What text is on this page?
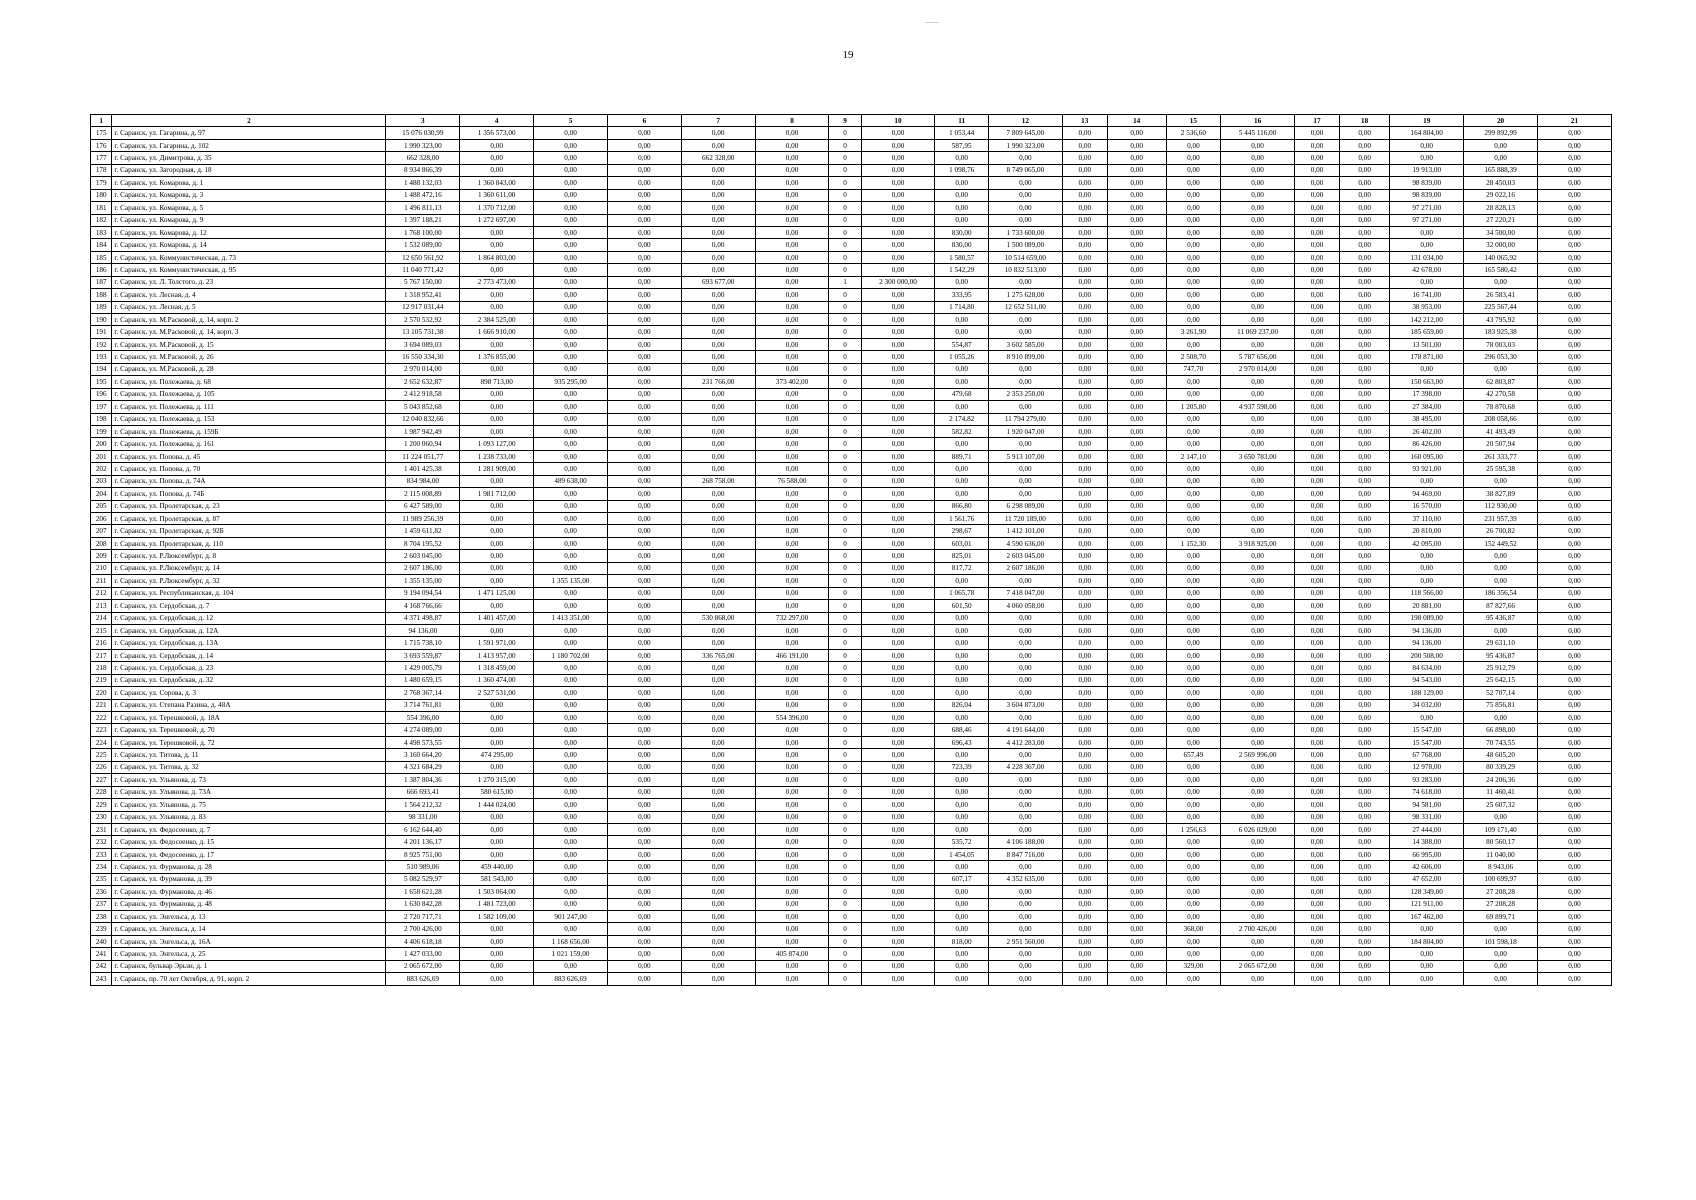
19
1	2	3	4	5	6	7	8	9	10	11	12	13	14	15	16	17	18	19	20	21
175	г. Саранск, ул. Гагарина, д. 97	15 076 030,99	1 356 573,00	0,00	0,00	0,00	0,00	0	0,00	1 053,44	7 809 645,00	0,00	0,00	2 536,60	5 445 116,00	0,00	0,00	164 804,00	299 892,99	0,00
176	г. Саранск, ул. Гагарина, д. 102	1 990 323,00	0,00	0,00	0,00	0,00	0,00	0	0,00	587,95	1 990 323,00	0,00	0,00	0,00	0,00	0,00	0,00	0,00	0,00	0,00
177	г. Саранск, ул. Димитрова, д. 35	662 328,00	0,00	0,00	0,00	662 328,00	0,00	0	0,00	0,00	0,00	0,00	0,00	0,00	0,00	0,00	0,00	0,00	0,00	0,00
178	г. Саранск, ул. Загородная, д. 18	8 934 866,39	0,00	0,00	0,00	0,00	0,00	0	0,00	1 098,76	8 749 065,00	0,00	0,00	0,00	0,00	0,00	0,00	19 913,00	165 888,39	0,00
179	г. Саранск, ул. Комарова, д. 1	1 488 132,03	1 360 843,00	0,00	0,00	0,00	0,00	0	0,00	0,00	0,00	0,00	0,00	0,00	0,00	0,00	0,00	98 839,00	28 450,03	0,00
180	г. Саранск, ул. Комарова, д. 3	1 488 472,16	1 360 611,00	0,00	0,00	0,00	0,00	0	0,00	0,00	0,00	0,00	0,00	0,00	0,00	0,00	0,00	98 839,00	29 022,16	0,00
181	г. Саранск, ул. Комарова, д. 5	1 496 811,13	1 370 712,00	0,00	0,00	0,00	0,00	0	0,00	0,00	0,00	0,00	0,00	0,00	0,00	0,00	0,00	97 271,00	28 828,13	0,00
182	г. Саранск, ул. Комарова, д. 9	1 397 188,21	1 272 697,00	0,00	0,00	0,00	0,00	0	0,00	0,00	0,00	0,00	0,00	0,00	0,00	0,00	0,00	97 271,00	27 220,21	0,00
183	г. Саранск, ул. Комарова, д. 12	1 768 100,00	0,00	0,00	0,00	0,00	0,00	0	0,00	830,00	1 733 600,00	0,00	0,00	0,00	0,00	0,00	0,00	0,00	34 500,00	0,00
184	г. Саранск, ул. Комарова, д. 14	1 532 089,00	0,00	0,00	0,00	0,00	0,00	0	0,00	830,00	1 500 089,00	0,00	0,00	0,00	0,00	0,00	0,00	0,00	32 000,00	0,00
185	г. Саранск, ул. Коммунистическая, д. 73	12 650 561,92	1 864 803,00	0,00	0,00	0,00	0,00	0	0,00	1 580,57	10 514 659,00	0,00	0,00	0,00	0,00	0,00	0,00	131 034,00	140 065,92	0,00
186	г. Саранск, ул. Коммунистическая, д. 95	11 040 771,42	0,00	0,00	0,00	0,00	0,00	0	0,00	1 542,29	10 832 513,00	0,00	0,00	0,00	0,00	0,00	0,00	42 678,00	165 580,42	0,00
187	г. Саранск, ул. Л. Толстого, д. 23	5 767 150,00	2 773 473,00	0,00	0,00	693 677,00	0,00	1	2 300 000,00	0,00	0,00	0,00	0,00	0,00	0,00	0,00	0,00	0,00	0,00	0,00
188	г. Саранск, ул. Лесная, д. 4	1 318 952,41	0,00	0,00	0,00	0,00	0,00	0	0,00	333,95	1 275 628,00	0,00	0,00	0,00	0,00	0,00	0,00	16 741,00	26 583,41	0,00
189	г. Саранск, ул. Лесная, д. 5	12 917 031,44	0,00	0,00	0,00	0,00	0,00	0	0,00	1 714,80	12 652 511,00	0,00	0,00	0,00	0,00	0,00	0,00	38 953,00	225 567,44	0,00
190	г. Саранск, ул. М.Расковой, д. 14, корп. 2	2 570 532,92	2 384 525,00	0,00	0,00	0,00	0,00	0	0,00	0,00	0,00	0,00	0,00	0,00	0,00	0,00	0,00	142 212,00	43 795,92	0,00
191	г. Саранск, ул. М.Расковой, д. 14, корп. 3	13 105 731,38	1 666 910,00	0,00	0,00	0,00	0,00	0	0,00	0,00	0,00	0,00	0,00	3 261,90	11 069 237,00	0,00	0,00	185 659,00	183 925,38	0,00
192	г. Саранск, ул. М.Расковой, д. 15	3 694 089,03	0,00	0,00	0,00	0,00	0,00	0	0,00	554,87	3 602 585,00	0,00	0,00	0,00	0,00	0,00	0,00	13 501,00	78 003,03	0,00
193	г. Саранск, ул. М.Расковой, д. 26	16 550 334,30	1 376 855,00	0,00	0,00	0,00	0,00	0	0,00	1 055,26	8 910 899,00	0,00	0,00	2 508,70	5 787 656,00	0,00	0,00	178 871,00	296 053,30	0,00
194	г. Саранск, ул. М.Расковой, д. 28	2 970 014,00	0,00	0,00	0,00	0,00	0,00	0	0,00	0,00	0,00	0,00	0,00	747,70	2 970 014,00	0,00	0,00	0,00	0,00	0,00
195	г. Саранск, ул. Полежаева, д. 68	2 652 632,87	898 713,00	935 295,00	0,00	231 766,00	373 402,00	0	0,00	0,00	0,00	0,00	0,00	0,00	0,00	0,00	0,00	150 663,00	62 803,87	0,00
196	г. Саранск, ул. Полежаева, д. 105	2 412 918,58	0,00	0,00	0,00	0,00	0,00	0	0,00	479,68	2 353 250,00	0,00	0,00	0,00	0,00	0,00	0,00	17 398,00	42 270,58	0,00
197	г. Саранск, ул. Полежаева, д. 111	5 043 852,68	0,00	0,00	0,00	0,00	0,00	0	0,00	0,00	0,00	0,00	0,00	1 205,80	4 937 598,00	0,00	0,00	27 384,00	78 870,68	0,00
198	г. Саранск, ул. Полежаева, д. 153	12 040 832,66	0,00	0,00	0,00	0,00	0,00	0	0,00	2 174,82	11 794 279,00	0,00	0,00	0,00	0,00	0,00	0,00	38 495,00	208 058,66	0,00
199	г. Саранск, ул. Полежаева, д. 159Б	1 987 942,49	0,00	0,00	0,00	0,00	0,00	0	0,00	582,82	1 920 047,00	0,00	0,00	0,00	0,00	0,00	0,00	26 402,00	41 493,49	0,00
200	г. Саранск, ул. Полежаева, д. 161	1 200 060,94	1 093 127,00	0,00	0,00	0,00	0,00	0	0,00	0,00	0,00	0,00	0,00	0,00	0,00	0,00	0,00	86 426,00	20 507,94	0,00
201	г. Саранск, ул. Попова, д. 45	11 224 051,77	1 238 733,00	0,00	0,00	0,00	0,00	0	0,00	889,71	5 913 107,00	0,00	0,00	2 147,10	3 650 783,00	0,00	0,00	160 095,00	261 333,77	0,00
202	г. Саранск, ул. Попова, д. 70	1 401 425,38	1 281 909,00	0,00	0,00	0,00	0,00	0	0,00	0,00	0,00	0,00	0,00	0,00	0,00	0,00	0,00	93 921,00	25 595,38	0,00
203	г. Саранск, ул. Попова, д. 74А	834 984,00	0,00	489 638,00	0,00	268 758,00	76 588,00	0	0,00	0,00	0,00	0,00	0,00	0,00	0,00	0,00	0,00	0,00	0,00	0,00
204	г. Саранск, ул. Попова, д. 74Б	2 115 008,89	1 981 712,00	0,00	0,00	0,00	0,00	0	0,00	0,00	0,00	0,00	0,00	0,00	0,00	0,00	0,00	94 469,00	38 827,89	0,00
205	г. Саранск, ул. Пролетарская, д. 23	6 427 589,00	0,00	0,00	0,00	0,00	0,00	0	0,00	866,80	6 298 089,00	0,00	0,00	0,00	0,00	0,00	0,00	16 570,00	112 930,00	0,00
206	г. Саранск, ул. Пролетарская, д. 87	11 989 256,39	0,00	0,00	0,00	0,00	0,00	0	0,00	1 561,76	11 720 189,00	0,00	0,00	0,00	0,00	0,00	0,00	37 110,00	231 957,39	0,00
207	г. Саранск, ул. Пролетарская, д. 92Б	1 459 611,82	0,00	0,00	0,00	0,00	0,00	0	0,00	298,67	1 412 101,00	0,00	0,00	0,00	0,00	0,00	0,00	20 810,00	26 700,82	0,00
208	г. Саранск, ул. Пролетарская, д. 110	8 704 195,52	0,00	0,00	0,00	0,00	0,00	0	0,00	603,01	4 590 636,00	0,00	0,00	1 152,30	3 918 925,00	0,00	0,00	42 095,00	152 449,52	0,00
209	г. Саранск, ул. Р.Люксембург, д. 8	2 603 045,00	0,00	0,00	0,00	0,00	0,00	0	0,00	825,01	2 603 045,00	0,00	0,00	0,00	0,00	0,00	0,00	0,00	0,00	0,00
210	г. Саранск, ул. Р.Люксембург, д. 14	2 607 186,00	0,00	0,00	0,00	0,00	0,00	0	0,00	817,72	2 607 186,00	0,00	0,00	0,00	0,00	0,00	0,00	0,00	0,00	0,00
211	г. Саранск, ул. Р.Люксембург, д. 32	1 355 135,00	0,00	1 355 135,00	0,00	0,00	0,00	0	0,00	0,00	0,00	0,00	0,00	0,00	0,00	0,00	0,00	0,00	0,00	0,00
212	г. Саранск, ул. Республиканская, д. 104	9 194 094,54	1 471 125,00	0,00	0,00	0,00	0,00	0	0,00	1 065,78	7 418 047,00	0,00	0,00	0,00	0,00	0,00	0,00	118 566,00	186 356,54	0,00
213	г. Саранск, ул. Сердобская, д. 7	4 168 766,66	0,00	0,00	0,00	0,00	0,00	0	0,00	601,50	4 060 058,00	0,00	0,00	0,00	0,00	0,00	0,00	20 881,00	87 827,66	0,00
214	г. Саранск, ул. Сердобская, д. 12	4 371 498,87	1 401 457,00	1 413 351,00	0,00	530 868,00	732 297,00	0	0,00	0,00	0,00	0,00	0,00	0,00	0,00	0,00	0,00	198 089,00	95 436,87	0,00
215	г. Саранск, ул. Сердобская, д. 12А	94 136,00	0,00	0,00	0,00	0,00	0,00	0	0,00	0,00	0,00	0,00	0,00	0,00	0,00	0,00	0,00	94 136,00	0,00	0,00
216	г. Саранск, ул. Сердобская, д. 13А	1 715 738,10	1 591 971,00	0,00	0,00	0,00	0,00	0	0,00	0,00	0,00	0,00	0,00	0,00	0,00	0,00	0,00	94 136,00	29 631,10	0,00
217	г. Саранск, ул. Сердобская, д. 14	3 693 559,87	1 413 957,00	1 180 702,00	0,00	336 765,00	466 191,00	0	0,00	0,00	0,00	0,00	0,00	0,00	0,00	0,00	0,00	200 508,00	95 436,87	0,00
218	г. Саранск, ул. Сердобская, д. 23	1 429 005,79	1 318 459,00	0,00	0,00	0,00	0,00	0	0,00	0,00	0,00	0,00	0,00	0,00	0,00	0,00	0,00	84 634,00	25 912,79	0,00
219	г. Саранск, ул. Сердобская, д. 32	1 480 659,15	1 360 474,00	0,00	0,00	0,00	0,00	0	0,00	0,00	0,00	0,00	0,00	0,00	0,00	0,00	0,00	94 543,00	25 642,15	0,00
220	г. Саранск, ул. Сорова, д. 3	2 768 367,14	2 527 531,00	0,00	0,00	0,00	0,00	0	0,00	0,00	0,00	0,00	0,00	0,00	0,00	0,00	0,00	188 129,00	52 707,14	0,00
221	г. Саранск, ул. Степана Разина, д. 48А	3 714 761,81	0,00	0,00	0,00	0,00	0,00	0	0,00	826,04	3 604 873,00	0,00	0,00	0,00	0,00	0,00	0,00	34 032,00	75 856,81	0,00
222	г. Саранск, ул. Терешковой, д. 18А	554 396,00	0,00	0,00	0,00	0,00	554 396,00	0	0,00	0,00	0,00	0,00	0,00	0,00	0,00	0,00	0,00	0,00	0,00	0,00
223	г. Саранск, ул. Терешковой, д. 70	4 274 089,00	0,00	0,00	0,00	0,00	0,00	0	0,00	688,46	4 191 644,00	0,00	0,00	0,00	0,00	0,00	0,00	15 547,00	66 898,00	0,00
224	г. Саранск, ул. Терешковой, д. 72	4 498 573,55	0,00	0,00	0,00	0,00	0,00	0	0,00	696,43	4 412 283,00	0,00	0,00	0,00	0,00	0,00	0,00	15 547,00	70 743,55	0,00
225	г. Саранск, ул. Титова, д. 11	3 160 664,20	474 295,00	0,00	0,00	0,00	0,00	0	0,00	0,00	0,00	0,00	0,00	657,49	2 569 996,00	0,00	0,00	67 768,00	48 605,20	0,00
226	г. Саранск, ул. Титова, д. 32	4 321 684,29	0,00	0,00	0,00	0,00	0,00	0	0,00	723,39	4 228 367,00	0,00	0,00	0,00	0,00	0,00	0,00	12 978,00	80 339,29	0,00
227	г. Саранск, ул. Ульянова, д. 73	1 387 804,36	1 270 315,00	0,00	0,00	0,00	0,00	0	0,00	0,00	0,00	0,00	0,00	0,00	0,00	0,00	0,00	93 283,00	24 206,36	0,00
228	г. Саранск, ул. Ульянова, д. 73А	666 693,41	580 615,00	0,00	0,00	0,00	0,00	0	0,00	0,00	0,00	0,00	0,00	0,00	0,00	0,00	0,00	74 618,00	11 460,41	0,00
229	г. Саранск, ул. Ульянова, д. 75	1 564 212,32	1 444 024,00	0,00	0,00	0,00	0,00	0	0,00	0,00	0,00	0,00	0,00	0,00	0,00	0,00	0,00	94 581,00	25 607,32	0,00
230	г. Саранск, ул. Ульянова, д. 83	98 331,00	0,00	0,00	0,00	0,00	0,00	0	0,00	0,00	0,00	0,00	0,00	0,00	0,00	0,00	0,00	98 331,00	0,00	0,00
231	г. Саранск, ул. Федосеенко, д. 7	6 162 644,40	0,00	0,00	0,00	0,00	0,00	0	0,00	0,00	0,00	0,00	0,00	1 256,63	6 026 029,00	0,00	0,00	27 444,00	109 171,40	0,00
232	г. Саранск, ул. Федосеенко, д. 15	4 201 136,17	0,00	0,00	0,00	0,00	0,00	0	0,00	535,72	4 106 188,00	0,00	0,00	0,00	0,00	0,00	0,00	14 388,00	80 560,17	0,00
233	г. Саранск, ул. Федосеенко, д. 17	8 925 751,00	0,00	0,00	0,00	0,00	0,00	0	0,00	1 454,05	8 847 716,00	0,00	0,00	0,00	0,00	0,00	0,00	66 995,00	11 040,00	0,00
234	г. Саранск, ул. Фурманова, д. 28	510 989,06	459 440,00	0,00	0,00	0,00	0,00	0	0,00	0,00	0,00	0,00	0,00	0,00	0,00	0,00	0,00	42 606,00	8 943,06	0,00
235	г. Саранск, ул. Фурманова, д. 39	5 082 529,97	581 543,00	0,00	0,00	0,00	0,00	0	0,00	607,17	4 352 635,00	0,00	0,00	0,00	0,00	0,00	0,00	47 652,00	100 699,97	0,00
236	г. Саранск, ул. Фурманова, д. 46	1 658 621,28	1 503 064,00	0,00	0,00	0,00	0,00	0	0,00	0,00	0,00	0,00	0,00	0,00	0,00	0,00	0,00	128 349,00	27 208,28	0,00
237	г. Саранск, ул. Фурманова, д. 48	1 630 842,28	1 481 723,00	0,00	0,00	0,00	0,00	0	0,00	0,00	0,00	0,00	0,00	0,00	0,00	0,00	0,00	121 911,00	27 208,28	0,00
238	г. Саранск, ул. Энгельса, д. 13	2 720 717,71	1 582 109,00	901 247,00	0,00	0,00	0,00	0	0,00	0,00	0,00	0,00	0,00	0,00	0,00	0,00	0,00	167 462,00	69 899,71	0,00
239	г. Саранск, ул. Энгельса, д. 14	2 700 426,00	0,00	0,00	0,00	0,00	0,00	0	0,00	0,00	0,00	0,00	0,00	368,00	2 700 426,00	0,00	0,00	0,00	0,00	0,00
240	г. Саранск, ул. Энгельса, д. 16А	4 406 618,18	0,00	1 168 656,00	0,00	0,00	0,00	0	0,00	818,00	2 951 560,00	0,00	0,00	0,00	0,00	0,00	0,00	184 804,00	101 598,18	0,00
241	г. Саранск, ул. Энгельса, д. 25	1 427 033,00	0,00	1 021 159,00	0,00	0,00	405 874,00	0	0,00	0,00	0,00	0,00	0,00	0,00	0,00	0,00	0,00	0,00	0,00	0,00
242	г. Саранск, бульвар Эрьзи, д. 1	2 065 672,00	0,00	0,00	0,00	0,00	0,00	0	0,00	0,00	0,00	0,00	0,00	329,00	2 065 672,00	0,00	0,00	0,00	0,00	0,00
243	г. Саранск, пр. 70 лет Октября, д. 91, корп. 2	883 626,69	0,00	883 626,69	0,00	0,00	0,00	0	0,00	0,00	0,00	0,00	0,00	0,00	0,00	0,00	0,00	0,00	0,00	0,00
